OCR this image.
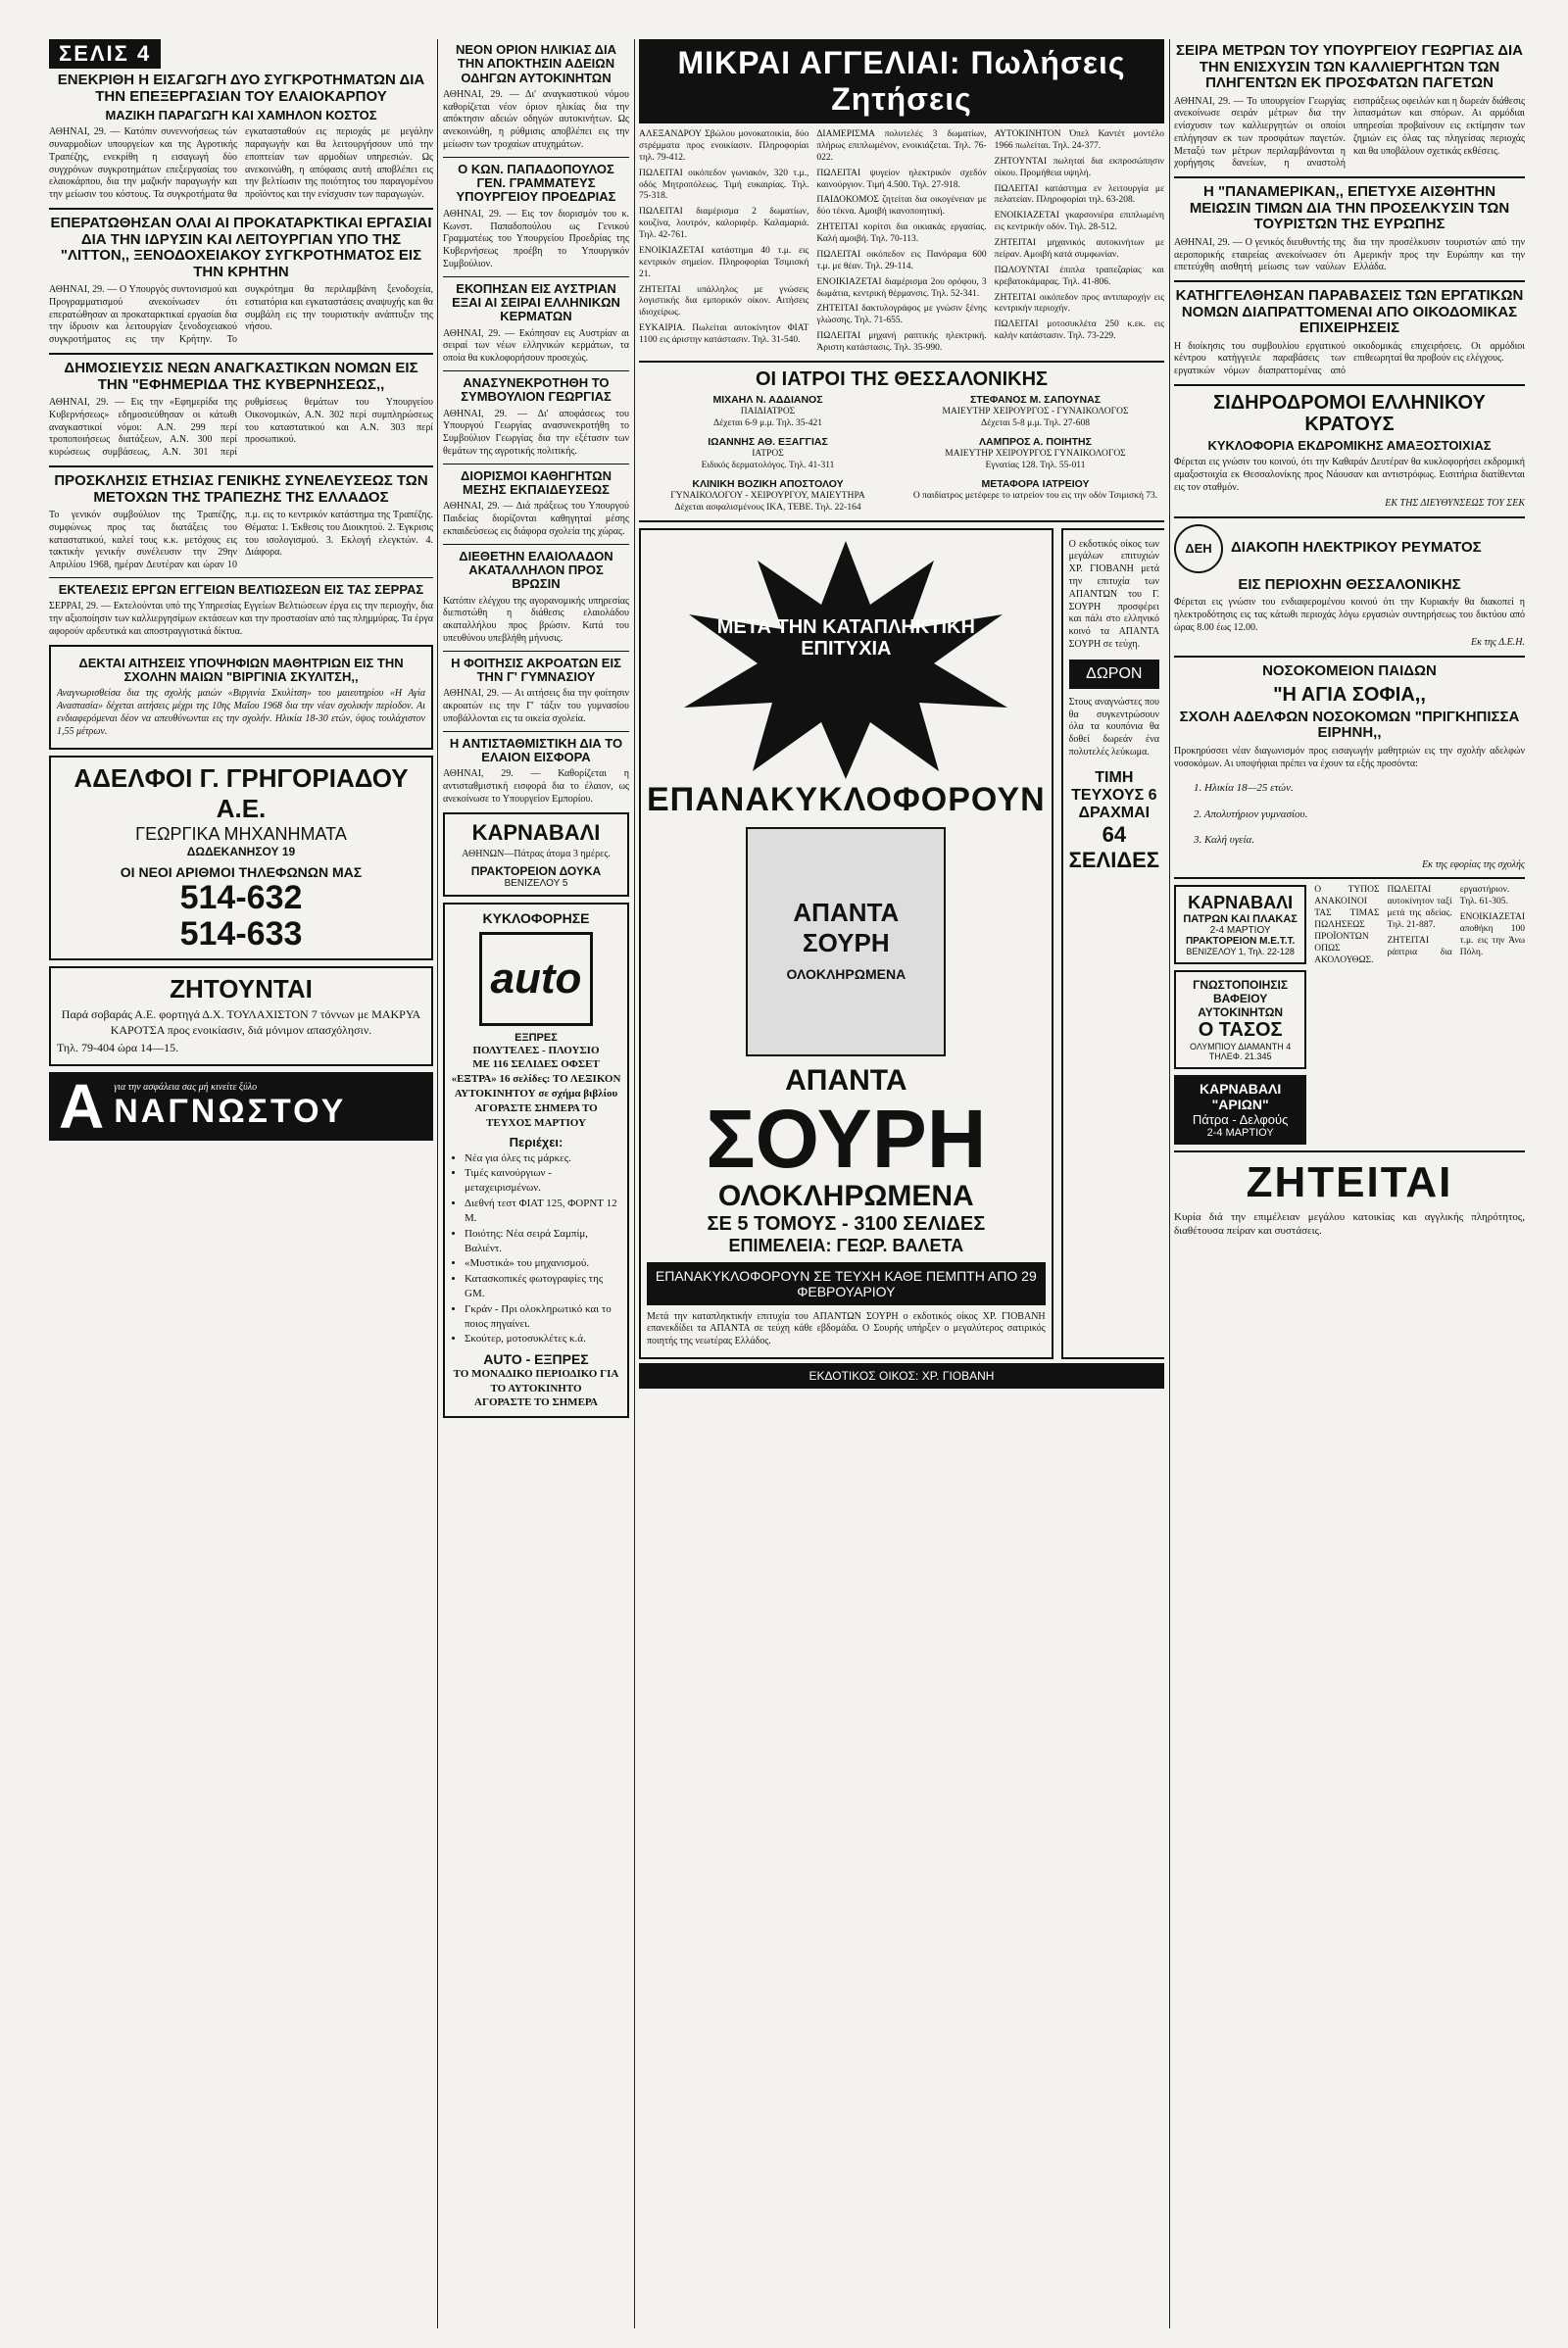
ΣΕΛΙΣ 4
ΕΝΕΚΡΙΘΗ Η ΕΙΣΑΓΩΓΗ ΔΥΟ ΣΥΓΚΡΟΤΗΜΑΤΩΝ ΔΙΑ ΤΗΝ ΕΠΕΞΕΡΓΑΣΙΑΝ ΤΟΥ ΕΛΑΙΟΚΑΡΠΟΥ
ΜΑΖΙΚΗ ΠΑΡΑΓΩΓΗ ΚΑΙ ΧΑΜΗΛΟΝ ΚΟΣΤΟΣ
ΑΘΗΝΑΙ, 29. — Κατόπιν συνεννοήσεως τών συναρμοδίων υπουργείων και της Αγροτικής Τραπέζης, ενεκρίθη η εισαγωγή δύο συγχρόνων συγκροτημάτων επεξεργασίας του ελαιοκάρπου, δια την μαζικήν παραγωγήν και την μείωσιν του κόστους. Τα συγκροτήματα θα εγκατασταθούν εις περιοχάς με μεγάλην παραγωγήν και θα λειτουργήσουν υπό την εποπτείαν των αρμοδίων υπηρεσιών. Ως ανεκοινώθη, η απόφασις αυτή αποβλέπει εις την βελτίωσιν της ποιότητος του παραγομένου προϊόντος και την ενίσχυσιν των παραγωγών.
ΕΠΕΡΑΤΩΘΗΣΑΝ ΟΛΑΙ ΑΙ ΠΡΟΚΑΤΑΡΚΤΙΚΑΙ ΕΡΓΑΣΙΑΙ ΔΙΑ ΤΗΝ ΙΔΡΥΣΙΝ ΚΑΙ ΛΕΙΤΟΥΡΓΙΑΝ ΥΠΟ ΤΗΣ "ΛΙΤΤΟΝ,, ΞΕΝΟΔΟΧΕΙΑΚΟΥ ΣΥΓΚΡΟΤΗΜΑΤΟΣ ΕΙΣ ΤΗΝ ΚΡΗΤΗΝ
ΑΘΗΝΑΙ, 29. — Ο Υπουργός συντονισμού και Προγραμματισμού ανεκοίνωσεν ότι επερατώθησαν αι προκαταρκτικαί εργασίαι δια την ίδρυσιν και λειτουργίαν ξενοδοχειακού συγκροτήματος εις την Κρήτην. Το συγκρότημα θα περιλαμβάνη ξενοδοχεία, εστιατόρια και εγκαταστάσεις αναψυχής και θα συμβάλη εις την τουριστικήν ανάπτυξιν της νήσου.
ΔΗΜΟΣΙΕΥΣΙΣ ΝΕΩΝ ΑΝΑΓΚΑΣΤΙΚΩΝ ΝΟΜΩΝ ΕΙΣ ΤΗΝ "ΕΦΗΜΕΡΙΔΑ ΤΗΣ ΚΥΒΕΡΝΗΣΕΩΣ,,
ΑΘΗΝΑΙ, 29. — Εις την «Εφημερίδα της Κυβερνήσεως» εδημοσιεύθησαν οι κάτωθι αναγκαστικοί νόμοι: Α.Ν. 299 περί τροποποιήσεως διατάξεων, Α.Ν. 300 περί κυρώσεως συμβάσεως, Α.Ν. 301 περί ρυθμίσεως θεμάτων του Υπουργείου Οικονομικών, Α.Ν. 302 περί συμπληρώσεως του καταστατικού και Α.Ν. 303 περί προσωπικού.
ΠΡΟΣΚΛΗΣΙΣ ΕΤΗΣΙΑΣ ΓΕΝΙΚΗΣ ΣΥΝΕΛΕΥΣΕΩΣ ΤΩΝ ΜΕΤΟΧΩΝ ΤΗΣ ΤΡΑΠΕΖΗΣ ΤΗΣ ΕΛΛΑΔΟΣ
Το γενικόν συμβούλιον της Τραπέζης, συμφώνως προς τας διατάξεις του καταστατικού, καλεί τους κ.κ. μετόχους εις τακτικήν γενικήν συνέλευσιν την 29ην Απριλίου 1968, ημέραν Δευτέραν και ώραν 10 π.μ. εις το κεντρικόν κατάστημα της Τραπέζης. Θέματα: 1. Έκθεσις του Διοικητού. 2. Έγκρισις του ισολογισμού. 3. Εκλογή ελεγκτών. 4. Διάφορα.
ΕΚΤΕΛΕΣΙΣ ΕΡΓΩΝ ΕΓΓΕΙΩΝ ΒΕΛΤΙΩΣΕΩΝ ΕΙΣ ΤΑΣ ΣΕΡΡΑΣ
ΣΕΡΡΑΙ, 29. — Εκτελούνται υπό της Υπηρεσίας Εγγείων Βελτιώσεων έργα εις την περιοχήν, δια την αξιοποίησιν των καλλιεργησίμων εκτάσεων και την προστασίαν από τας πλημμύρας. Τα έργα αφορούν αρδευτικά και αποστραγγιστικά δίκτυα.
ΔΕΚΤΑΙ ΑΙΤΗΣΕΙΣ ΥΠΟΨΗΦΙΩΝ ΜΑΘΗΤΡΙΩΝ ΕΙΣ ΤΗΝ ΣΧΟΛΗΝ ΜΑΙΩΝ "ΒΙΡΓΙΝΙΑ ΣΚΥΛΙΤΣΗ,,
Αναγνωρισθείσα δια της σχολής μαιών «Βιργινία Σκυλίτση» του μαιευτηρίου «Η Αγία Αναστασία» δέχεται αιτήσεις μέχρι της 10ης Μαΐου 1968 δια την νέαν σχολικήν περίοδον. Αι ενδιαφερόμεναι δέον να απευθύνωνται εις την σχολήν. Ηλικία 18-30 ετών, ύψος τουλάχιστον 1,55 μέτρων.
ΑΔΕΛΦΟΙ Γ. ΓΡΗΓΟΡΙΑΔΟΥ Α.Ε.
ΓΕΩΡΓΙΚΑ ΜΗΧΑΝΗΜΑΤΑ
ΔΩΔΕΚΑΝΗΣΟΥ 19
ΟΙ ΝΕΟΙ ΑΡΙΘΜΟΙ ΤΗΛΕΦΩΝΩΝ ΜΑΣ
514-632
514-633
ΖΗΤΟΥΝΤΑΙ
Παρά σοβαράς Α.Ε. φορτηγά Δ.Χ. ΤΟΥΛΑΧΙΣΤΟΝ 7 τόννων με ΜΑΚΡΥΑ ΚΑΡΟΤΣΑ προς ενοικίασιν, διά μόνιμον απασχόλησιν.
Τηλ. 79-404 ώρα 14—15.
Α για την ασφάλεια σας μή κινείτε ξύλο
ΝΑΓΝΩΣΤΟΥ
ΝΕΟΝ ΟΡΙΟΝ ΗΛΙΚΙΑΣ ΔΙΑ ΤΗΝ ΑΠΟΚΤΗΣΙΝ ΑΔΕΙΩΝ ΟΔΗΓΩΝ ΑΥΤΟΚΙΝΗΤΩΝ
ΑΘΗΝΑΙ, 29. — Δι' αναγκαστικού νόμου καθορίζεται νέον όριον ηλικίας δια την απόκτησιν αδειών οδηγών αυτοκινήτων. Ως ανεκοινώθη, η ρύθμισις αποβλέπει εις την μείωσιν των τροχαίων ατυχημάτων.
Ο ΚΩΝ. ΠΑΠΑΔΟΠΟΥΛΟΣ ΓΕΝ. ΓΡΑΜΜΑΤΕΥΣ ΥΠΟΥΡΓΕΙΟΥ ΠΡΟΕΔΡΙΑΣ
ΑΘΗΝΑΙ, 29. — Εις τον διορισμόν του κ. Κωνστ. Παπαδοπούλου ως Γενικού Γραμματέως του Υπουργείου Προεδρίας της Κυβερνήσεως προέβη το Υπουργικόν Συμβούλιον.
ΕΚΟΠΗΣΑΝ ΕΙΣ ΑΥΣΤΡΙΑΝ ΕΞΑΙ ΑΙ ΣΕΙΡΑΙ ΕΛΛΗΝΙΚΩΝ ΚΕΡΜΑΤΩΝ
ΑΘΗΝΑΙ, 29. — Εκόπησαν εις Αυστρίαν αι σειραί των νέων ελληνικών κερμάτων, τα οποία θα κυκλοφορήσουν προσεχώς.
ΑΝΑΣΥΝΕΚΡΟΤΗΘΗ ΤΟ ΣΥΜΒΟΥΛΙΟΝ ΓΕΩΡΓΙΑΣ
ΑΘΗΝΑΙ, 29. — Δι' αποφάσεως του Υπουργού Γεωργίας ανασυνεκροτήθη το Συμβούλιον Γεωργίας δια την εξέτασιν των θεμάτων της αγροτικής πολιτικής.
ΔΙΟΡΙΣΜΟΙ ΚΑΘΗΓΗΤΩΝ ΜΕΣΗΣ ΕΚΠΑΙΔΕΥΣΕΩΣ
ΑΘΗΝΑΙ, 29. — Διά πράξεως του Υπουργού Παιδείας διορίζονται καθηγηταί μέσης εκπαιδεύσεως εις διάφορα σχολεία της χώρας.
ΔΙΕΘΕΤΗΝ ΕΛΑΙΟΛΑΔΟΝ ΑΚΑΤΑΛΛΗΛΟΝ ΠΡΟΣ ΒΡΩΣΙΝ
Κατόπιν ελέγχου της αγορανομικής υπηρεσίας διεπιστώθη η διάθεσις ελαιολάδου ακαταλλήλου προς βρώσιν. Κατά του υπευθύνου υπεβλήθη μήνυσις.
Η ΦΟΙΤΗΣΙΣ ΑΚΡΟΑΤΩΝ ΕΙΣ ΤΗΝ Γ' ΓΥΜΝΑΣΙΟΥ
ΑΘΗΝΑΙ, 29. — Αι αιτήσεις δια την φοίτησιν ακροατών εις την Γ' τάξιν του γυμνασίου υποβάλλονται εις τα οικεία σχολεία.
Η ΑΝΤΙΣΤΑΘΜΙΣΤΙΚΗ ΔΙΑ ΤΟ ΕΛΑΙΟΝ ΕΙΣΦΟΡΑ
ΑΘΗΝΑΙ, 29. — Καθορίζεται η αντισταθμιστική εισφορά δια το έλαιον, ως ανεκοίνωσε το Υπουργείον Εμπορίου.
ΚΑΡΝΑΒΑΛΙ
ΑΘΗΝΩΝ—Πάτρας άτομα 3 ημέρες.
ΠΡΑΚΤΟΡΕΙΟΝ ΔΟΥΚΑ
ΒΕΝΙΖΕΛΟΥ 5
ΚΥΚΛΟΦΟΡΗΣΕ
auto
ΕΞΠΡΕΣ
ΠΟΛΥΤΕΛΕΣ - ΠΛΟΥΣΙΟ
ΜΕ 116 ΣΕΛΙΔΕΣ ΟΦΣΕΤ
«ΕΞΤΡΑ» 16 σελίδες: ΤΟ ΛΕΞΙΚΟΝ ΑΥΤΟΚΙΝΗΤΟΥ σε σχήμα βιβλίου
ΑΓΟΡΑΣΤΕ ΣΗΜΕΡΑ ΤΟ ΤΕΥΧΟΣ ΜΑΡΤΙΟΥ
Περιέχει:
• Νέα για όλες τις μάρκες.
• Τιμές καινούργιων - μεταχειρισμένων.
• Διεθνή τεστ ΦΙΑΤ 125, ΦΟΡΝΤ 12 Μ.
• Ποιότης: Νέα σειρά Σαμπίμ, Βαλιέντ.
• «Μυστικά» του μηχανισμού.
• Κατασκοπικές φωτογραφίες της GM.
• Γκράν - Πρι ολοκληρωτικό και το ποιος πηγαίνει.
• Σκούτερ, μοτοσυκλέτες κ.ά.
AUTO - ΕΞΠΡΕΣ
ΤΟ ΜΟΝΑΔΙΚΟ ΠΕΡΙΟΔΙΚΟ ΓΙΑ ΤΟ ΑΥΤΟΚΙΝΗΤΟ
ΑΓΟΡΑΣΤΕ ΤΟ ΣΗΜΕΡΑ
ΜΙΚΡΑΙ ΑΓΓΕΛΙΑΙ: Πωλήσεις Ζητήσεις

ΑΛΕΞΑΝΔΡΟΥ Σβώλου μονοκατοικία, δύο στρέμματα προς ενοικίασιν. Πληροφορίαι τηλ. 79-412.

ΠΩΛΕΙΤΑΙ οικόπεδον γωνιακόν, 320 τ.μ., οδός Μητροπόλεως. Τιμή ευκαιρίας. Τηλ. 75-318.

ΠΩΛΕΙΤΑΙ διαμέρισμα 2 δωματίων, κουζίνα, λουτρόν, καλοριφέρ. Καλαμαριά. Τηλ. 42-761.

ΕΝΟΙΚΙΑΖΕΤΑΙ κατάστημα 40 τ.μ. εις κεντρικόν σημείον. Πληροφορίαι Τσιμισκή 21.

ΖΗΤΕΙΤΑΙ υπάλληλος με γνώσεις λογιστικής δια εμπορικόν οίκον. Αιτήσεις ιδιοχείρως.

ΕΥΚΑΙΡΙΑ. Πωλείται αυτοκίνητον ΦΙΑΤ 1100 εις άριστην κατάστασιν. Τηλ. 31-540.

ΔΙΑΜΕΡΙΣΜΑ πολυτελές 3 δωματίων, πλήρως επιπλωμένον, ενοικιάζεται. Τηλ. 76-022.

ΠΩΛΕΙΤΑΙ ψυγείον ηλεκτρικόν σχεδόν καινούργιον. Τιμή 4.500. Τηλ. 27-918.

ΠΑΙΔΟΚΟΜΟΣ ζητείται δια οικογένειαν με δύο τέκνα. Αμοιβή ικανοποιητική.

ΖΗΤΕΙΤΑΙ κορίτσι δια οικιακάς εργασίας. Καλή αμοιβή. Τηλ. 70-113.

ΠΩΛΕΙΤΑΙ οικόπεδον εις Πανόραμα 600 τ.μ. με θέαν. Τηλ. 29-114.

ΕΝΟΙΚΙΑΖΕΤΑΙ διαμέρισμα 2ου ορόφου, 3 δωμάτια, κεντρική θέρμανσις. Τηλ. 52-341.

ΖΗΤΕΙΤΑΙ δακτυλογράφος με γνώσιν ξένης γλώσσης. Τηλ. 71-655.

ΠΩΛΕΙΤΑΙ μηχανή ραπτικής ηλεκτρική. Άριστη κατάστασις. Τηλ. 35-990.

ΑΥΤΟΚΙΝΗΤΟΝ Όπελ Καντέτ μοντέλο 1966 πωλείται. Τηλ. 24-377.

ΖΗΤΟΥΝΤΑΙ πωληταί δια εκπροσώπησιν οίκου. Προμήθεια υψηλή.

ΠΩΛΕΙΤΑΙ κατάστημα εν λειτουργία με πελατείαν. Πληροφορίαι τηλ. 63-208.

ΕΝΟΙΚΙΑΖΕΤΑΙ γκαρσονιέρα επιπλωμένη εις κεντρικήν οδόν. Τηλ. 28-512.

ΖΗΤΕΙΤΑΙ μηχανικός αυτοκινήτων με πείραν. Αμοιβή κατά συμφωνίαν.

ΠΩΛΟΥΝΤΑΙ έπιπλα τραπεζαρίας και κρεβατοκάμαρας. Τηλ. 41-806.

ΖΗΤΕΙΤΑΙ οικόπεδον προς αντιπαροχήν εις κεντρικήν περιοχήν.

ΠΩΛΕΙΤΑΙ μοτοσυκλέτα 250 κ.εκ. εις καλήν κατάστασιν. Τηλ. 73-229.

ΟΙ ΙΑΤΡΟΙ ΤΗΣ ΘΕΣΣΑΛΟΝΙΚΗΣ
ΜΙΧΑΗΛ Ν. ΑΔΔΙΑΝΟΣ
ΠΑΙΔΙΑΤΡΟΣ
Δέχεται 6-9 μ.μ. Τηλ. 35-421
ΙΩΑΝΝΗΣ ΑΘ. ΕΞΑΓΓΙΑΣ
ΙΑΤΡΟΣ
Ειδικός δερματολόγος. Τηλ. 41-311
ΚΛΙΝΙΚΗ ΒΟΖΙΚΗ ΑΠΟΣΤΟΛΟΥ
ΓΥΝΑΙΚΟΛΟΓΟΥ - ΧΕΙΡΟΥΡΓΟΥ, ΜΑΙΕΥΤΗΡΑ
Δέχεται ασφαλισμένους ΙΚΑ, ΤΕΒΕ. Τηλ. 22-164
ΣΤΕΦΑΝΟΣ Μ. ΣΑΠΟΥΝΑΣ
ΜΑΙΕΥΤΗΡ ΧΕΙΡΟΥΡΓΟΣ - ΓΥΝΑΙΚΟΛΟΓΟΣ
Δέχεται 5-8 μ.μ. Τηλ. 27-608
ΛΑΜΠΡΟΣ Α. ΠΟΙΗΤΗΣ
ΜΑΙΕΥΤΗΡ ΧΕΙΡΟΥΡΓΟΣ ΓΥΝΑΙΚΟΛΟΓΟΣ
Εγνατίας 128. Τηλ. 55-011
ΜΕΤΑΦΟΡΑ ΙΑΤΡΕΙΟΥ
Ο παιδίατρος μετέφερε το ιατρείον του εις την οδόν Τσιμισκή 73.
ΜΕΤΑ ΤΗΝ ΚΑΤΑΠΛΗΚΤΙΚΗ ΕΠΙΤΥΧΙΑ
ΕΠΑΝΑΚΥΚΛΟΦΟΡΟΥΝ
ΑΠΑΝΤΑ ΣΟΥΡΗ
ΟΛΟΚΛΗΡΩΜΕΝΑ
ΑΠΑΝΤΑ
ΣΟΥΡΗ
ΟΛΟΚΛΗΡΩΜΕΝΑ
ΣΕ 5 ΤΟΜΟΥΣ - 3100 ΣΕΛΙΔΕΣ
ΕΠΙΜΕΛΕΙΑ: ΓΕΩΡ. ΒΑΛΕΤΑ
ΕΠΑΝΑΚΥΚΛΟΦΟΡΟΥΝ ΣΕ ΤΕΥΧΗ ΚΑΘΕ ΠΕΜΠΤΗ ΑΠΟ 29 ΦΕΒΡΟΥΑΡΙΟΥ
Μετά την καταπληκτικήν επιτυχία του ΑΠΑΝΤΩΝ ΣΟΥΡΗ ο εκδοτικός οίκος ΧΡ. ΓΙΟΒΑΝΗ επανεκδίδει τα ΑΠΑΝΤΑ σε τεύχη κάθε εβδομάδα. Ο Σουρής υπήρξεν ο μεγαλύτερος σατιρικός ποιητής της νεωτέρας Ελλάδος.
Ο εκδοτικός οίκος των μεγάλων επιτυχιών ΧΡ. ΓΙΟΒΑΝΗ μετά την επιτυχία των ΑΠΑΝΤΩΝ του Γ. ΣΟΥΡΗ προσφέρει και πάλι στο ελληνικό κοινό τα ΑΠΑΝΤΑ ΣΟΥΡΗ σε τεύχη.
ΔΩΡΟΝ
Στους αναγνώστες που θα συγκεντρώσουν όλα τα κουπόνια θα δοθεί δωρεάν ένα πολυτελές λεύκωμα.
ΤΙΜΗ ΤΕΥΧΟΥΣ 6 ΔΡΑΧΜΑΙ
64 ΣΕΛΙΔΕΣ
ΕΚΔΟΤΙΚΟΣ ΟΙΚΟΣ: ΧΡ. ΓΙΟΒΑΝΗ
ΣΕΙΡΑ ΜΕΤΡΩΝ ΤΟΥ ΥΠΟΥΡΓΕΙΟΥ ΓΕΩΡΓΙΑΣ ΔΙΑ ΤΗΝ ΕΝΙΣΧΥΣΙΝ ΤΩΝ ΚΑΛΛΙΕΡΓΗΤΩΝ ΤΩΝ ΠΛΗΓΕΝΤΩΝ ΕΚ ΠΡΟΣΦΑΤΩΝ ΠΑΓΕΤΩΝ
ΑΘΗΝΑΙ, 29. — Το υπουργείον Γεωργίας ανεκοίνωσε σειράν μέτρων δια την ενίσχυσιν των καλλιεργητών οι οποίοι επλήγησαν εκ των προσφάτων παγετών. Μεταξύ των μέτρων περιλαμβάνονται η χορήγησις δανείων, η αναστολή εισπράξεως οφειλών και η δωρεάν διάθεσις λιπασμάτων και σπόρων. Αι αρμόδιαι υπηρεσίαι προβαίνουν εις εκτίμησιν των ζημιών εις όλας τας πληγείσας περιοχάς και θα υποβάλουν σχετικάς εκθέσεις.
Η "ΠΑΝΑΜΕΡΙΚΑΝ,, ΕΠΕΤΥΧΕ ΑΙΣΘΗΤΗΝ ΜΕΙΩΣΙΝ ΤΙΜΩΝ ΔΙΑ ΤΗΝ ΠΡΟΣΕΛΚΥΣΙΝ ΤΩΝ ΤΟΥΡΙΣΤΩΝ ΤΗΣ ΕΥΡΩΠΗΣ
ΑΘΗΝΑΙ, 29. — Ο γενικός διευθυντής της αεροπορικής εταιρείας ανεκοίνωσεν ότι επετεύχθη αισθητή μείωσις των ναύλων δια την προσέλκυσιν τουριστών από την Αμερικήν προς την Ευρώπην και την Ελλάδα.
ΚΑΤΗΓΓΕΛΘΗΣΑΝ ΠΑΡΑΒΑΣΕΙΣ ΤΩΝ ΕΡΓΑΤΙΚΩΝ ΝΟΜΩΝ ΔΙΑΠΡΑΤΤΟΜΕΝΑΙ ΑΠΟ ΟΙΚΟΔΟΜΙΚΑΣ ΕΠΙΧΕΙΡΗΣΕΙΣ
Η διοίκησις του συμβουλίου εργατικού κέντρου κατήγγειλε παραβάσεις των εργατικών νόμων διαπραττομένας από οικοδομικάς επιχειρήσεις. Οι αρμόδιοι επιθεωρηταί θα προβούν εις ελέγχους.
ΣΙΔΗΡΟΔΡΟΜΟΙ ΕΛΛΗΝΙΚΟΥ ΚΡΑΤΟΥΣ
ΚΥΚΛΟΦΟΡΙΑ ΕΚΔΡΟΜΙΚΗΣ ΑΜΑΞΟΣΤΟΙΧΙΑΣ
Φέρεται εις γνώσιν του κοινού, ότι την Καθαράν Δευτέραν θα κυκλοφορήσει εκδρομική αμαξοστοιχία εκ Θεσσαλονίκης προς Νάουσαν και αντιστρόφως. Εισιτήρια διατίθενται εις τον σταθμόν.
ΕΚ ΤΗΣ ΔΙΕΥΘΥΝΣΕΩΣ ΤΟΥ ΣΕΚ
ΔΕΗ	ΔΙΑΚΟΠΗ ΗΛΕΚΤΡΙΚΟΥ ΡΕΥΜΑΤΟΣ
ΕΙΣ ΠΕΡΙΟΧΗΝ ΘΕΣΣΑΛΟΝΙΚΗΣ
Φέρεται εις γνώσιν του ενδιαφερομένου κοινού ότι την Κυριακήν θα διακοπεί η ηλεκτροδότησις εις τας κάτωθι περιοχάς λόγω εργασιών συντηρήσεως του δικτύου από ώρας 8.00 έως 12.00.
Εκ της Δ.Ε.Η.
ΝΟΣΟΚΟΜΕΙΟΝ ΠΑΙΔΩΝ
"Η ΑΓΙΑ ΣΟΦΙΑ,,
ΣΧΟΛΗ ΑΔΕΛΦΩΝ ΝΟΣΟΚΟΜΩΝ "ΠΡΙΓΚΗΠΙΣΣΑ ΕΙΡΗΝΗ,,
Προκηρύσσει νέαν διαγωνισμόν προς εισαγωγήν μαθητριών εις την σχολήν αδελφών νοσοκόμων. Αι υποψήφιαι πρέπει να έχουν τα εξής προσόντα:

1. Ηλικία 18—25 ετών.

2. Απολυτήριον γυμνασίου.

3. Καλή υγεία.

Εκ της εφορίας της σχολής
ΚΑΡΝΑΒΑΛΙ
ΠΑΤΡΩΝ ΚΑΙ ΠΛΑΚΑΣ
2-4 ΜΑΡΤΙΟΥ
ΠΡΑΚΤΟΡΕΙΟΝ Μ.Ε.Τ.Τ.
ΒΕΝΙΖΕΛΟΥ 1, Τηλ. 22-128
ΓΝΩΣΤΟΠΟΙΗΣΙΣ ΒΑΦΕΙΟΥ ΑΥΤΟΚΙΝΗΤΩΝ
Ο ΤΑΣΟΣ
ΟΛΥΜΠΙΟΥ ΔΙΑΜΑΝΤΗ 4 ΤΗΛΕΦ. 21.345
ΚΑΡΝΑΒΑΛΙ "ΑΡΙΩΝ"
Πάτρα - Δελφούς
2-4 ΜΑΡΤΙΟΥ

Ο ΤΥΠΟΣ ΑΝΑΚΟΙΝΟΙ ΤΑΣ ΤΙΜΑΣ ΠΩΛΗΣΕΩΣ ΠΡΟΪΟΝΤΩΝ ΟΠΩΣ ΑΚΟΛΟΥΘΩΣ.

ΠΩΛΕΙΤΑΙ αυτοκίνητον ταξί μετά της αδείας. Τηλ. 21-887.

ΖΗΤΕΙΤΑΙ ράπτρια δια εργαστήριον. Τηλ. 61-305.

ΕΝΟΙΚΙΑΖΕΤΑΙ αποθήκη 100 τ.μ. εις την Άνω Πόλη.

ΖΗΤΕΙΤΑΙ
Κυρία διά την επιμέλειαν μεγάλου κατοικίας και αγγλικής πληρότητος, διαθέτουσα πείραν και συστάσεις.
